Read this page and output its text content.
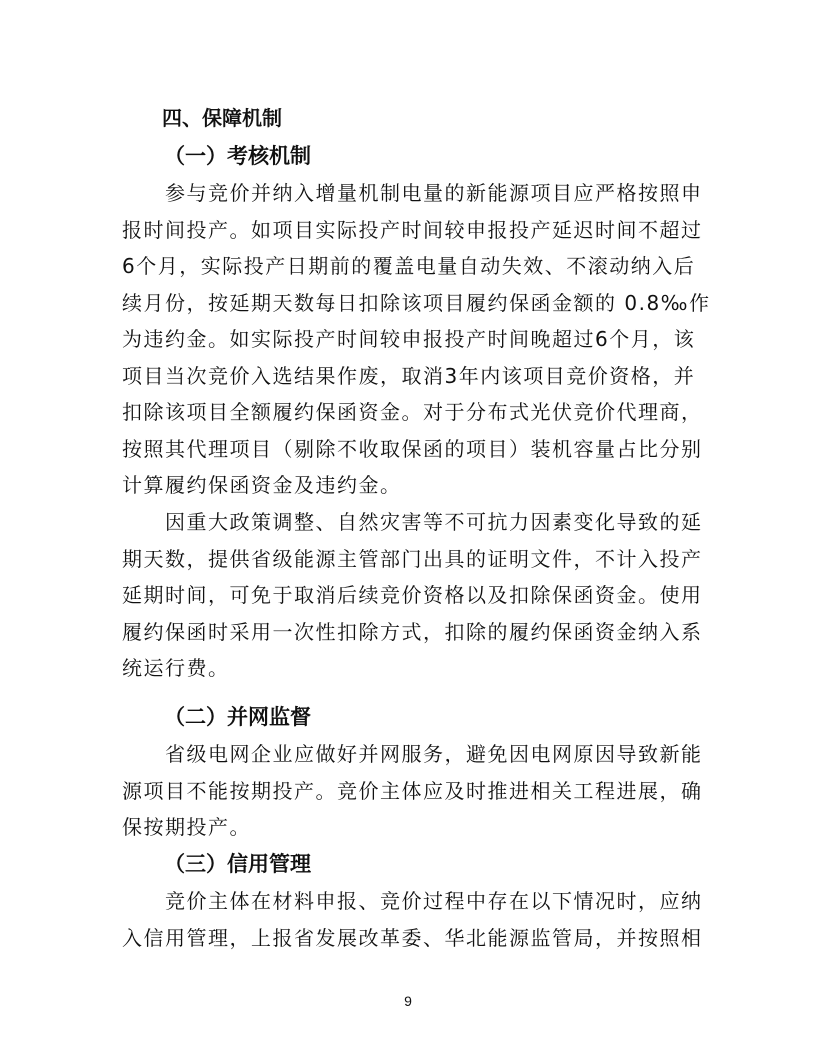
四、保障机制
（一）考核机制
　　参与竞价并纳入增量机制电量的新能源项目应严格按照申
报时间投产。如项目实际投产时间较申报投产延迟时间不超过
6个月，实际投产日期前的覆盖电量自动失效、不滚动纳入后
续月份，按延期天数每日扣除该项目履约保函金额的 0.8‰作
为违约金。如实际投产时间较申报投产时间晚超过6个月，该
项目当次竞价入选结果作废，取消3年内该项目竞价资格，并
扣除该项目全额履约保函资金。对于分布式光伏竞价代理商，
按照其代理项目（剔除不收取保函的项目）装机容量占比分别
计算履约保函资金及违约金。
　　因重大政策调整、自然灾害等不可抗力因素变化导致的延
期天数，提供省级能源主管部门出具的证明文件，不计入投产
延期时间，可免于取消后续竞价资格以及扣除保函资金。使用
履约保函时采用一次性扣除方式，扣除的履约保函资金纳入系
统运行费。
（二）并网监督
　　省级电网企业应做好并网服务，避免因电网原因导致新能
源项目不能按期投产。竞价主体应及时推进相关工程进展，确
保按期投产。
（三）信用管理
　　竞价主体在材料申报、竞价过程中存在以下情况时，应纳
入信用管理，上报省发展改革委、华北能源监管局，并按照相
9
